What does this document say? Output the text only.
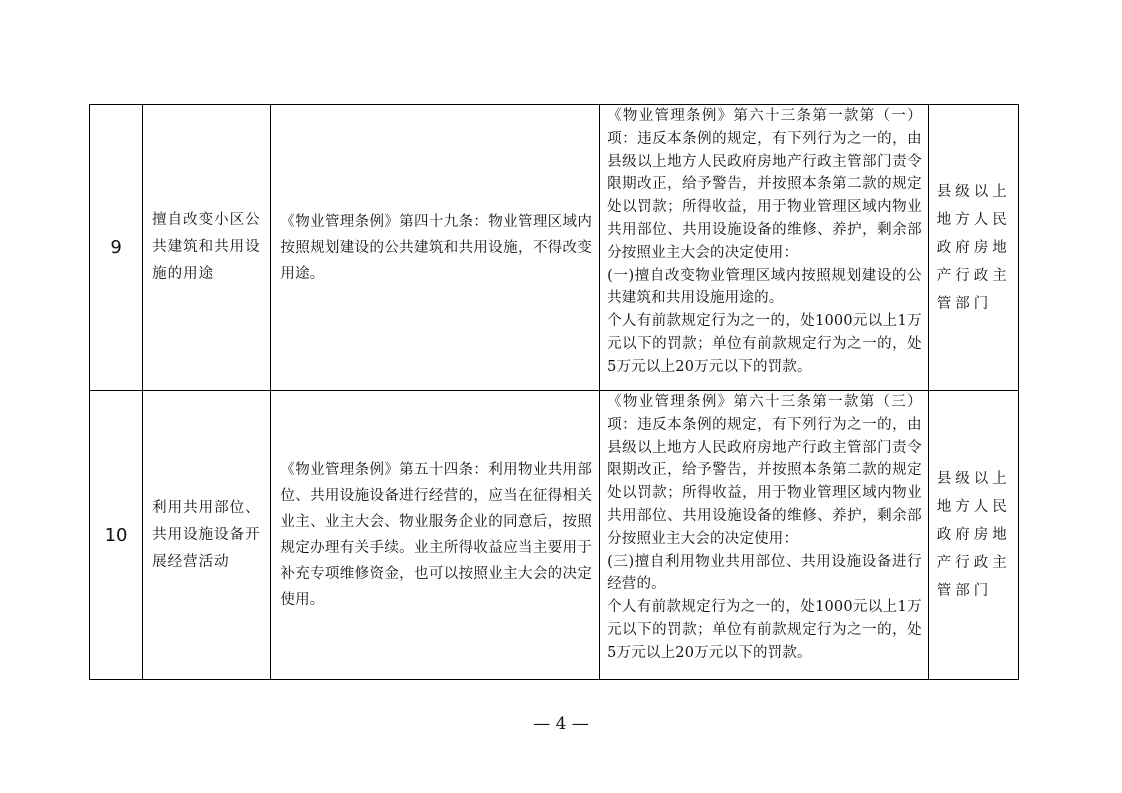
9	擅自改变小区公共建筑和共用设施的用途	《物业管理条例》第四十九条：物业管理区域内按照规划建设的公共建筑和共用设施，不得改变用途。	《物业管理条例》第六十三条第一款第（一）项：违反本条例的规定，有下列行为之一的，由县级以上地方人民政府房地产行政主管部门责令限期改正，给予警告，并按照本条第二款的规定处以罚款；所得收益，用于物业管理区域内物业共用部位、共用设施设备的维修、养护，剩余部分按照业主大会的决定使用：
(一)擅自改变物业管理区域内按照规划建设的公共建筑和共用设施用途的。
个人有前款规定行为之一的，处1000元以上1万元以下的罚款；单位有前款规定行为之一的，处5万元以上20万元以下的罚款。	县级以上地方人民政府房地产行政主管部门
10	利用共用部位、共用设施设备开展经营活动	《物业管理条例》第五十四条：利用物业共用部位、共用设施设备进行经营的，应当在征得相关业主、业主大会、物业服务企业的同意后，按照规定办理有关手续。业主所得收益应当主要用于补充专项维修资金，也可以按照业主大会的决定使用。	《物业管理条例》第六十三条第一款第（三）项：违反本条例的规定，有下列行为之一的，由县级以上地方人民政府房地产行政主管部门责令限期改正，给予警告，并按照本条第二款的规定处以罚款；所得收益，用于物业管理区域内物业共用部位、共用设施设备的维修、养护，剩余部分按照业主大会的决定使用：
(三)擅自利用物业共用部位、共用设施设备进行经营的。
个人有前款规定行为之一的，处1000元以上1万元以下的罚款；单位有前款规定行为之一的，处5万元以上20万元以下的罚款。	县级以上地方人民政府房地产行政主管部门
— 4 —
